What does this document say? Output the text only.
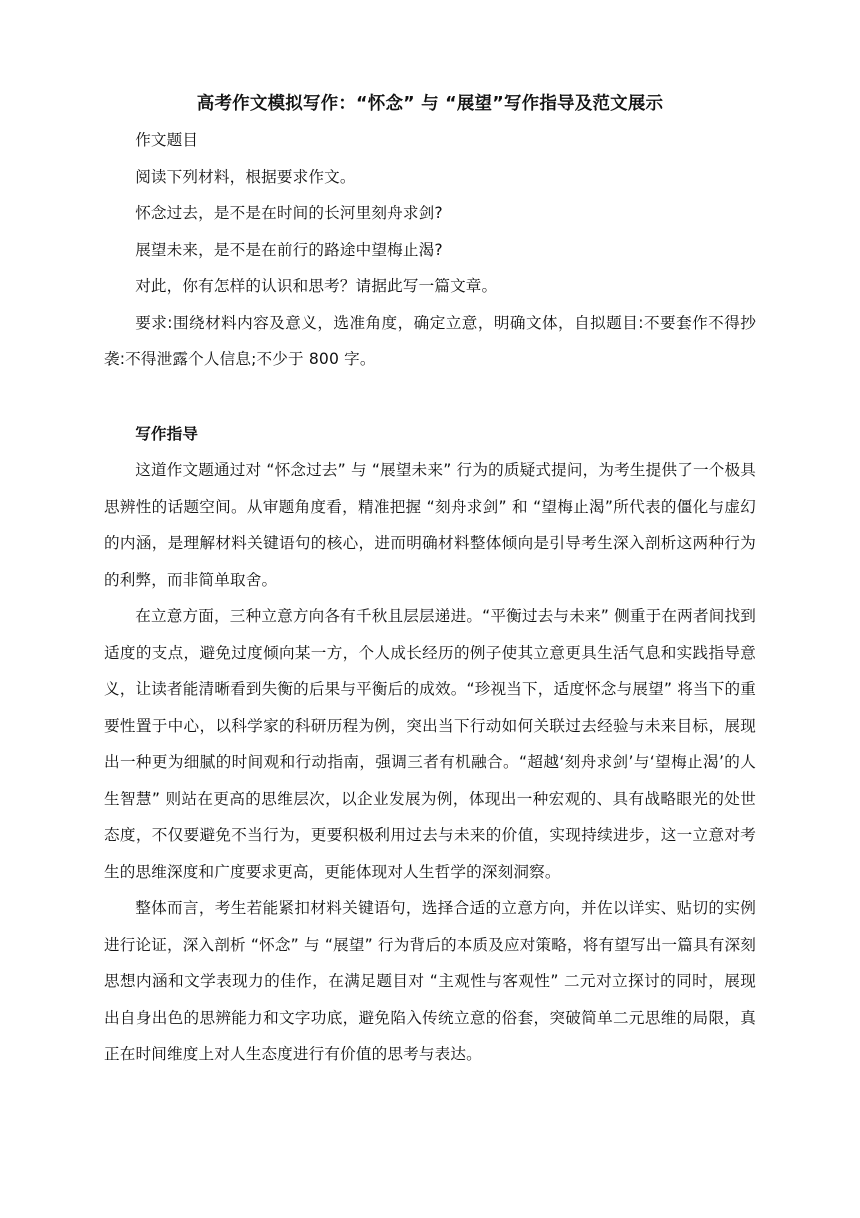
高考作文模拟写作：“怀念” 与 “展望”写作指导及范文展示

作文题目

阅读下列材料，根据要求作文。

怀念过去，是不是在时间的长河里刻舟求剑?

展望未来，是不是在前行的路途中望梅止渴?

对此，你有怎样的认识和思考？请据此写一篇文章。

要求:围绕材料内容及意义，选准角度，确定立意，明确文体，自拟题目:不要套作不得抄袭:不得泄露个人信息;不少于 800 字。

写作指导

这道作文题通过对 “怀念过去” 与 “展望未来” 行为的质疑式提问，为考生提供了一个极具思辨性的话题空间。从审题角度看，精准把握 “刻舟求剑” 和 “望梅止渴”所代表的僵化与虚幻的内涵，是理解材料关键语句的核心，进而明确材料整体倾向是引导考生深入剖析这两种行为的利弊，而非简单取舍。

在立意方面，三种立意方向各有千秋且层层递进。“平衡过去与未来” 侧重于在两者间找到适度的支点，避免过度倾向某一方，个人成长经历的例子使其立意更具生活气息和实践指导意义，让读者能清晰看到失衡的后果与平衡后的成效。“珍视当下，适度怀念与展望” 将当下的重要性置于中心，以科学家的科研历程为例，突出当下行动如何关联过去经验与未来目标，展现出一种更为细腻的时间观和行动指南，强调三者有机融合。“超越‘刻舟求剑’与‘望梅止渴’的人生智慧” 则站在更高的思维层次，以企业发展为例，体现出一种宏观的、具有战略眼光的处世态度，不仅要避免不当行为，更要积极利用过去与未来的价值，实现持续进步，这一立意对考生的思维深度和广度要求更高，更能体现对人生哲学的深刻洞察。

整体而言，考生若能紧扣材料关键语句，选择合适的立意方向，并佐以详实、贴切的实例进行论证，深入剖析 “怀念” 与 “展望” 行为背后的本质及应对策略，将有望写出一篇具有深刻思想内涵和文学表现力的佳作，在满足题目对 “主观性与客观性” 二元对立探讨的同时，展现出自身出色的思辨能力和文字功底，避免陷入传统立意的俗套，突破简单二元思维的局限，真正在时间维度上对人生态度进行有价值的思考与表达。
